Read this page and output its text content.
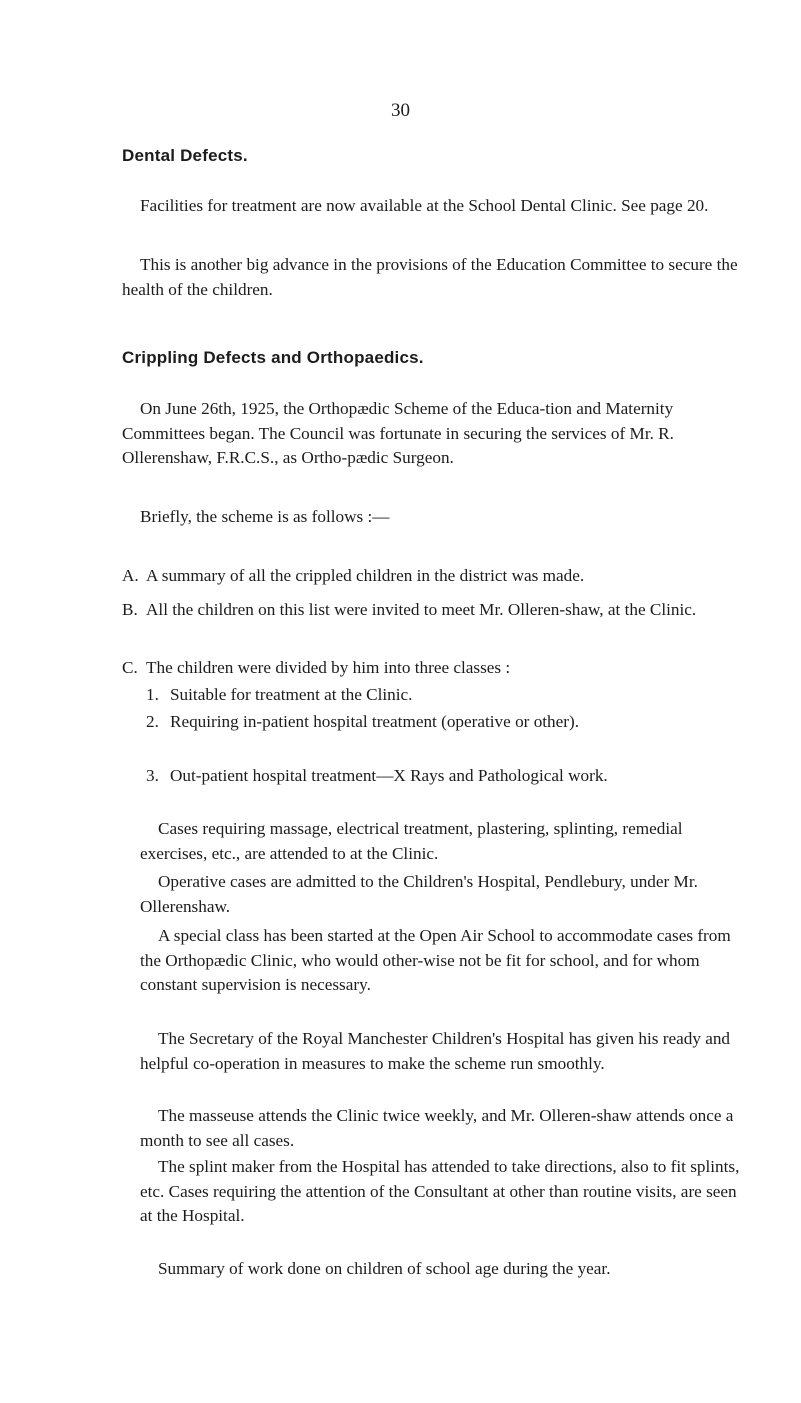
30
Dental Defects.

Facilities for treatment are now available at the School Dental Clinic. See page 20.

This is another big advance in the provisions of the Education Committee to secure the health of the children.

Crippling Defects and Orthopaedics.

On June 26th, 1925, the Orthopædic Scheme of the Educa-tion and Maternity Committees began. The Council was fortunate in securing the services of Mr. R. Ollerenshaw, F.R.C.S., as Ortho-pædic Surgeon.

Briefly, the scheme is as follows :—

A. A summary of all the crippled children in the district was made.
B. All the children on this list were invited to meet Mr. Olleren-shaw, at the Clinic.
C. The children were divided by him into three classes :
1. Suitable for treatment at the Clinic.
2. Requiring in-patient hospital treatment (operative or other).
3. Out-patient hospital treatment—X Rays and Pathological work.

Cases requiring massage, electrical treatment, plastering, splinting, remedial exercises, etc., are attended to at the Clinic.

Operative cases are admitted to the Children's Hospital, Pendlebury, under Mr. Ollerenshaw.

A special class has been started at the Open Air School to accommodate cases from the Orthopædic Clinic, who would other-wise not be fit for school, and for whom constant supervision is necessary.

The Secretary of the Royal Manchester Children's Hospital has given his ready and helpful co-operation in measures to make the scheme run smoothly.

The masseuse attends the Clinic twice weekly, and Mr. Olleren-shaw attends once a month to see all cases.

The splint maker from the Hospital has attended to take directions, also to fit splints, etc. Cases requiring the attention of the Consultant at other than routine visits, are seen at the Hospital.

Summary of work done on children of school age during the year.
